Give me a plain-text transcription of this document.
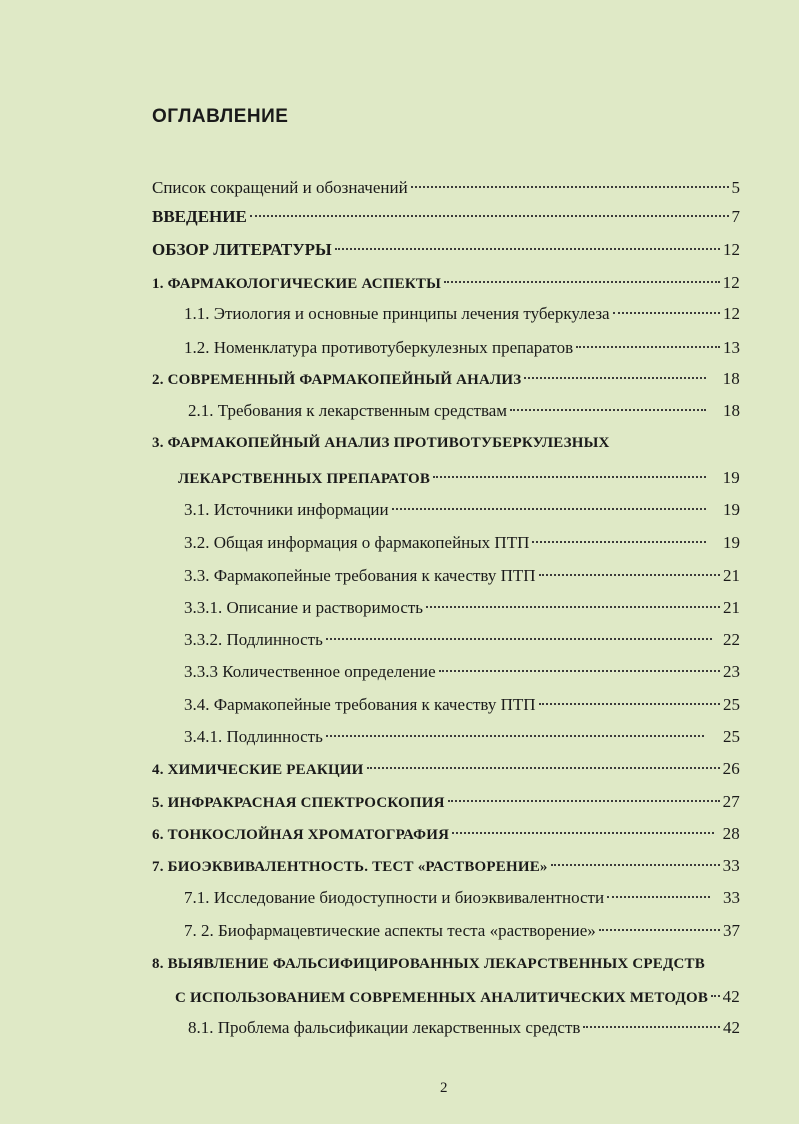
ОГЛАВЛЕНИЕ
Список сокращений и обозначений	5
ВВЕДЕНИЕ	7
ОБЗОР ЛИТЕРАТУРЫ	12
1. ФАРМАКОЛОГИЧЕСКИЕ АСПЕКТЫ	12
1.1. Этиология и основные принципы лечения туберкулеза	12
1.2. Номенклатура противотуберкулезных препаратов	13
2. СОВРЕМЕННЫЙ ФАРМАКОПЕЙНЫЙ АНАЛИЗ	18
2.1. Требования к лекарственным средствам	18
3. ФАРМАКОПЕЙНЫЙ АНАЛИЗ ПРОТИВОТУБЕРКУЛЕЗНЫХ
ЛЕКАРСТВЕННЫХ ПРЕПАРАТОВ	19
3.1. Источники информации	19
3.2. Общая информация о фармакопейных ПТП	19
3.3. Фармакопейные требования к качеству ПТП	21
3.3.1. Описание и растворимость	21
3.3.2. Подлинность	22
3.3.3 Количественное определение	23
3.4. Фармакопейные требования к качеству ПТП	25
3.4.1. Подлинность	25
4. ХИМИЧЕСКИЕ РЕАКЦИИ	26
5. ИНФРАКРАСНАЯ СПЕКТРОСКОПИЯ	27
6. ТОНКОСЛОЙНАЯ ХРОМАТОГРАФИЯ	28
7. БИОЭКВИВАЛЕНТНОСТЬ. ТЕСТ «РАСТВОРЕНИЕ»	33
7.1. Исследование биодоступности и биоэквивалентности	33
7. 2. Биофармацевтические аспекты теста «растворение»	37
8. ВЫЯВЛЕНИЕ ФАЛЬСИФИЦИРОВАННЫХ ЛЕКАРСТВЕННЫХ СРЕДСТВ
С ИСПОЛЬЗОВАНИЕМ СОВРЕМЕННЫХ АНАЛИТИЧЕСКИХ МЕТОДОВ 42
8.1. Проблема фальсификации лекарственных средств	42
2
